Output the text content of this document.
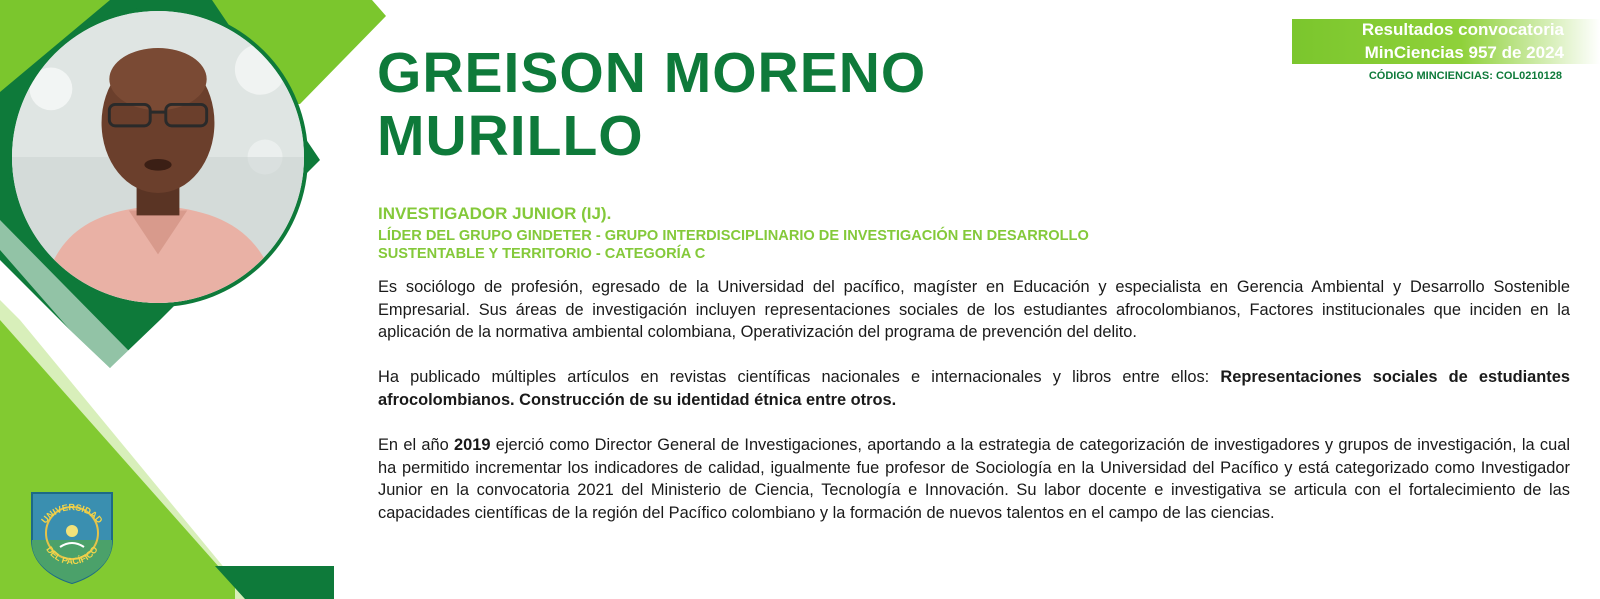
Resultados convocatoria
MinCiencias 957 de 2024
CÓDIGO MINCIENCIAS: COL0210128
GREISON MORENO
MURILLO
INVESTIGADOR JUNIOR (IJ).
LÍDER DEL GRUPO GINDETER - GRUPO INTERDISCIPLINARIO DE INVESTIGACIÓN EN DESARROLLO
SUSTENTABLE Y TERRITORIO - CATEGORÍA C

Es sociólogo de profesión, egresado de la Universidad del pacífico, magíster en Educación y especialista en Gerencia Ambiental y Desarrollo Sostenible Empresarial. Sus áreas de investigación incluyen representaciones sociales de los estudiantes afrocolombianos, Factores institucionales que inciden en la aplicación de la normativa ambiental colombiana, Operativización del programa de prevención del delito.

Ha publicado múltiples artículos en revistas científicas nacionales e internacionales y libros entre ellos: Representaciones sociales de estudiantes afrocolombianos. Construcción de su identidad étnica entre otros.

En el año 2019 ejerció como Director General de Investigaciones, aportando a la estrategia de categorización de investigadores y grupos de investigación, la cual ha permitido incrementar los indicadores de calidad, igualmente fue profesor de Sociología en la Universidad del Pacífico y está categorizado como Investigador Junior en la convocatoria 2021 del Ministerio de Ciencia, Tecnología e Innovación. Su labor docente e investigativa se articula con el fortalecimiento de las capacidades científicas de la región del Pacífico colombiano y la formación de nuevos talentos en el campo de las ciencias.

UNIVERSIDAD
DEL PACÍFICO
